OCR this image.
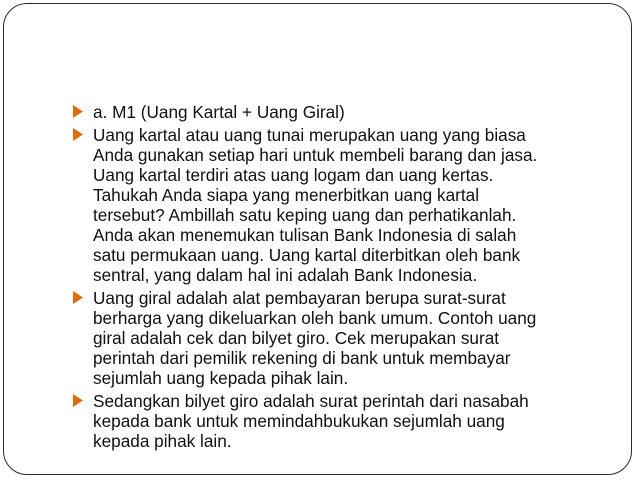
a. M1 (Uang Kartal + Uang Giral)
Uang kartal atau uang tunai merupakan uang yang biasa
Anda gunakan setiap hari untuk membeli barang dan jasa.
Uang kartal terdiri atas uang logam dan uang kertas.
Tahukah Anda siapa yang menerbitkan uang kartal
tersebut? Ambillah satu keping uang dan perhatikanlah.
Anda akan menemukan tulisan Bank Indonesia di salah
satu permukaan uang. Uang kartal diterbitkan oleh bank
sentral, yang dalam hal ini adalah Bank Indonesia.
Uang giral adalah alat pembayaran berupa surat-surat
berharga yang dikeluarkan oleh bank umum. Contoh uang
giral adalah cek dan bilyet giro. Cek merupakan surat
perintah dari pemilik rekening di bank untuk membayar
sejumlah uang kepada pihak lain.
Sedangkan bilyet giro adalah surat perintah dari nasabah
kepada bank untuk memindahbukukan sejumlah uang
kepada pihak lain.
